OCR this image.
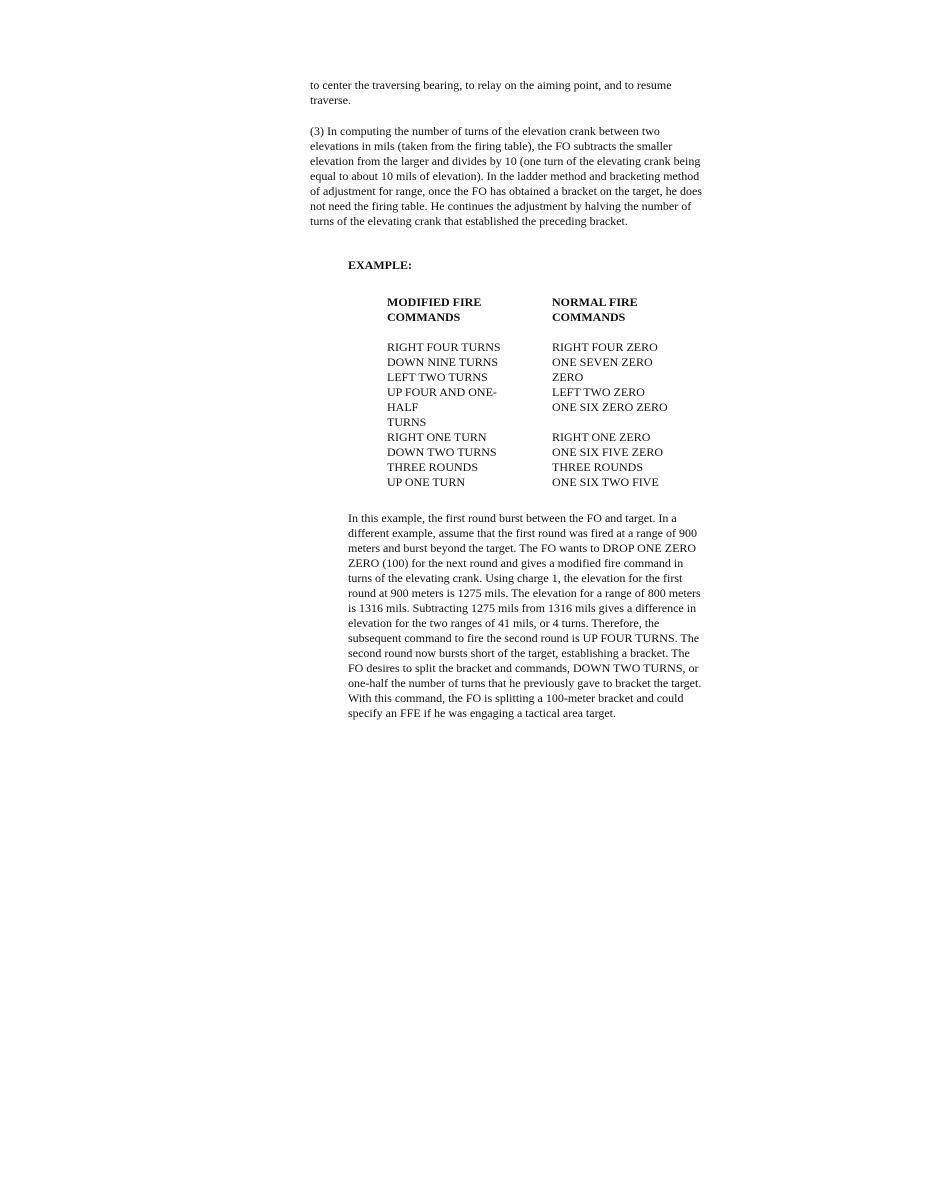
to center the traversing bearing, to relay on the aiming point, and to resume traverse.

(3) In computing the number of turns of the elevation crank between two elevations in mils (taken from the firing table), the FO subtracts the smaller elevation from the larger and divides by 10 (one turn of the elevating crank being equal to about 10 mils of elevation). In the ladder method and bracketing method of adjustment for range, once the FO has obtained a bracket on the target, he does not need the firing table. He continues the adjustment by halving the number of turns of the elevating crank that established the preceding bracket.

EXAMPLE:

MODIFIED FIRE
COMMANDS
RIGHT FOUR TURNS
DOWN NINE TURNS
LEFT TWO TURNS
UP FOUR AND ONE-
HALF
TURNS
RIGHT ONE TURN
DOWN TWO TURNS
THREE ROUNDS
UP ONE TURN
NORMAL FIRE
COMMANDS
RIGHT FOUR ZERO
ONE SEVEN ZERO
ZERO
LEFT TWO ZERO
ONE SIX ZERO ZERO
RIGHT ONE ZERO
ONE SIX FIVE ZERO
THREE ROUNDS
ONE SIX TWO FIVE

In this example, the first round burst between the FO and target. In a different example, assume that the first round was fired at a range of 900 meters and burst beyond the target. The FO wants to DROP ONE ZERO ZERO (100) for the next round and gives a modified fire command in turns of the elevating crank. Using charge 1, the elevation for the first round at 900 meters is 1275 mils. The elevation for a range of 800 meters is 1316 mils. Subtracting 1275 mils from 1316 mils gives a difference in elevation for the two ranges of 41 mils, or 4 turns. Therefore, the subsequent command to fire the second round is UP FOUR TURNS. The second round now bursts short of the target, establishing a bracket. The FO desires to split the bracket and commands, DOWN TWO TURNS, or one-half the number of turns that he previously gave to bracket the target. With this command, the FO is splitting a 100-meter bracket and could specify an FFE if he was engaging a tactical area target.
